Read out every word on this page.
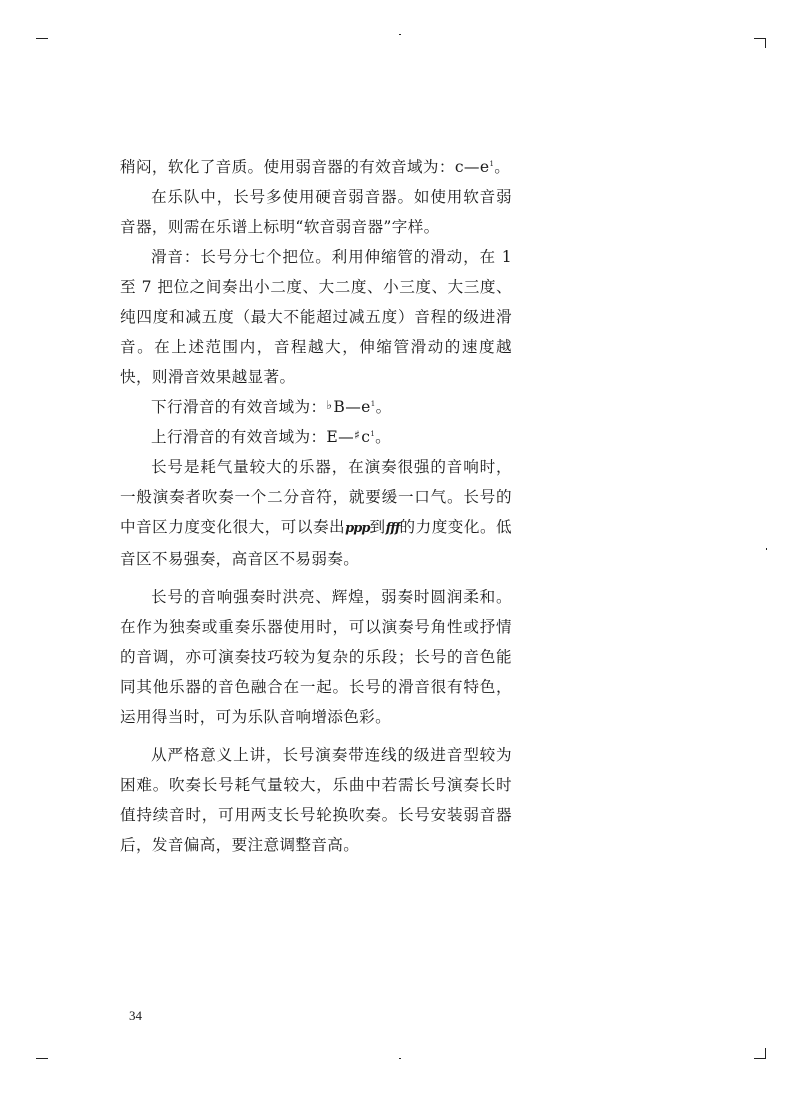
稍闷，软化了音质。使用弱音器的有效音域为：$c—e^1$。

在乐队中，长号多使用硬音弱音器。如使用软音弱音器，则需在乐谱上标明“软音弱音器”字样。

滑音：长号分七个把位。利用伸缩管的滑动，在 1 至 7 把位之间奏出小二度、大二度、小三度、大三度、纯四度和减五度（最大不能超过减五度）音程的级进滑音。在上述范围内，音程越大，伸缩管滑动的速度越快，则滑音效果越显著。

下行滑音的有效音域为：$♭B—e^1$。

上行滑音的有效音域为：$E—♯c^1$。

长号是耗气量较大的乐器，在演奏很强的音响时，一般演奏者吹奏一个二分音符，就要缓一口气。长号的中音区力度变化很大，可以奏出ppp到fff的力度变化。低音区不易强奏，高音区不易弱奏。

长号的音响强奏时洪亮、辉煌，弱奏时圆润柔和。在作为独奏或重奏乐器使用时，可以演奏号角性或抒情的音调，亦可演奏技巧较为复杂的乐段；长号的音色能同其他乐器的音色融合在一起。长号的滑音很有特色，运用得当时，可为乐队音响增添色彩。

从严格意义上讲，长号演奏带连线的级进音型较为困难。吹奏长号耗气量较大，乐曲中若需长号演奏长时值持续音时，可用两支长号轮换吹奏。长号安装弱音器后，发音偏高，要注意调整音高。

34
